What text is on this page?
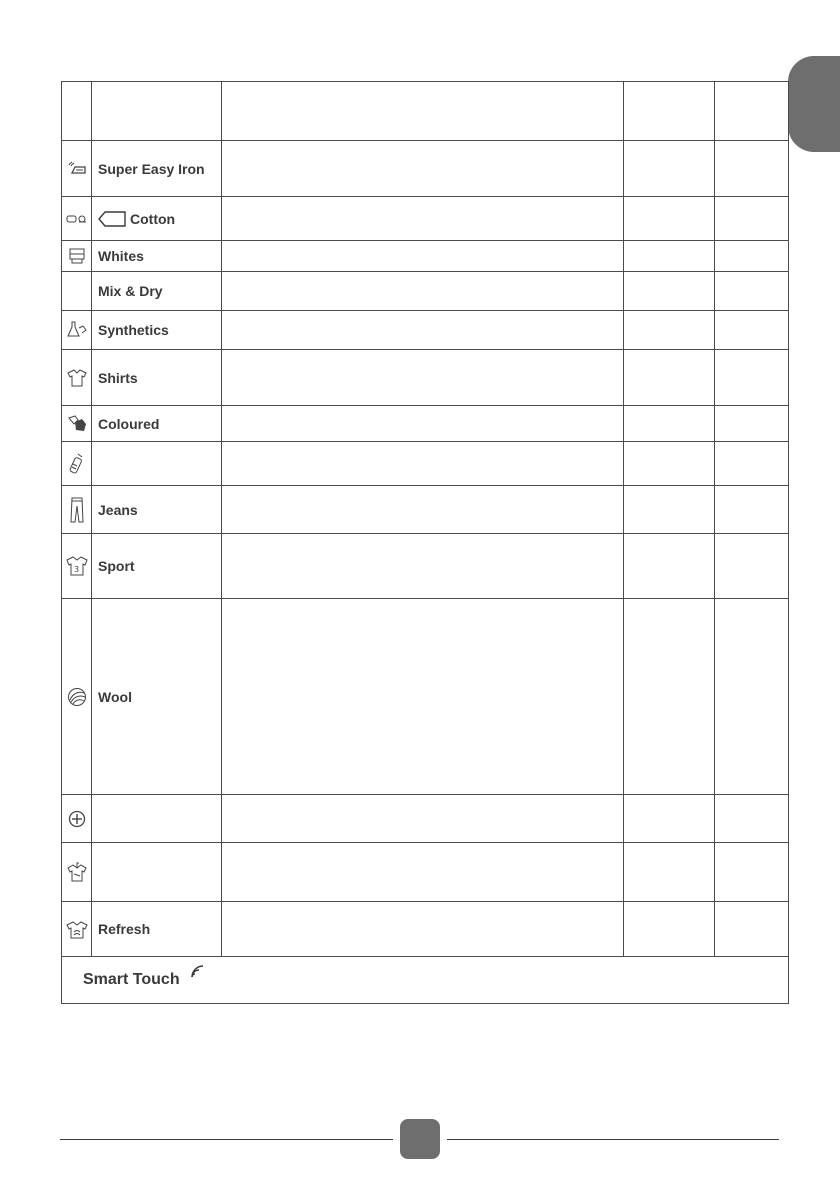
Super Easy Iron
Cotton
Whites
Mix & Dry
Synthetics
Shirts
Coloured
Jeans
3 Sport
Wool
Refresh
Smart Touch
